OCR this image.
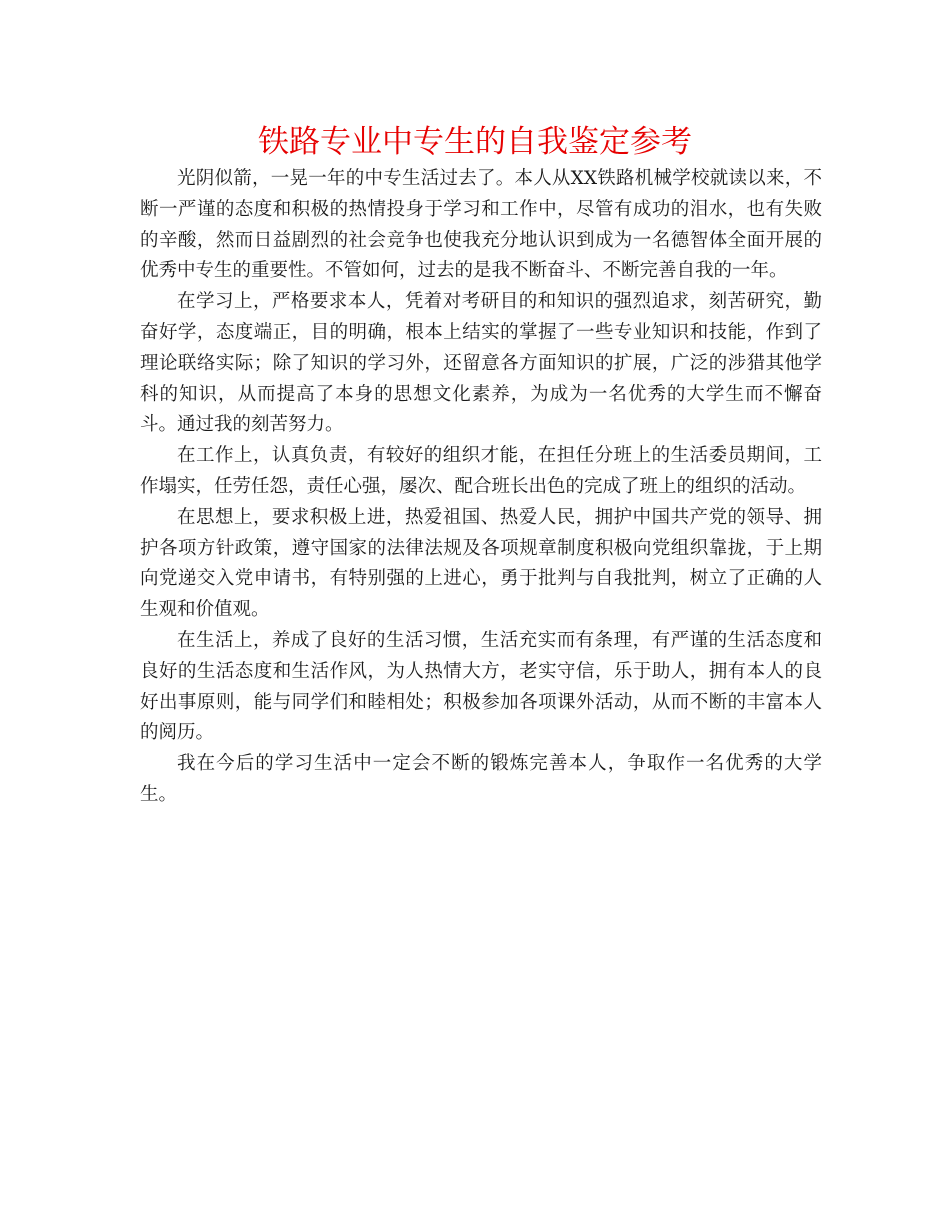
铁路专业中专生的自我鉴定参考

光阴似箭，一晃一年的中专生活过去了。本人从XX铁路机械学校就读以来，不断一严谨的态度和积极的热情投身于学习和工作中，尽管有成功的泪水，也有失败的辛酸，然而日益剧烈的社会竞争也使我充分地认识到成为一名德智体全面开展的优秀中专生的重要性。不管如何，过去的是我不断奋斗、不断完善自我的一年。

在学习上，严格要求本人，凭着对考研目的和知识的强烈追求，刻苦研究，勤奋好学，态度端正，目的明确，根本上结实的掌握了一些专业知识和技能，作到了理论联络实际；除了知识的学习外，还留意各方面知识的扩展，广泛的涉猎其他学科的知识，从而提高了本身的思想文化素养，为成为一名优秀的大学生而不懈奋斗。通过我的刻苦努力。

在工作上，认真负责，有较好的组织才能，在担任分班上的生活委员期间，工作塌实，任劳任怨，责任心强，屡次、配合班长出色的完成了班上的组织的活动。

在思想上，要求积极上进，热爱祖国、热爱人民，拥护中国共产党的领导、拥护各项方针政策，遵守国家的法律法规及各项规章制度积极向党组织靠拢，于上期向党递交入党申请书，有特别强的上进心，勇于批判与自我批判，树立了正确的人生观和价值观。

在生活上，养成了良好的生活习惯，生活充实而有条理，有严谨的生活态度和良好的生活态度和生活作风，为人热情大方，老实守信，乐于助人，拥有本人的良好出事原则，能与同学们和睦相处；积极参加各项课外活动，从而不断的丰富本人的阅历。

我在今后的学习生活中一定会不断的锻炼完善本人，争取作一名优秀的大学生。
